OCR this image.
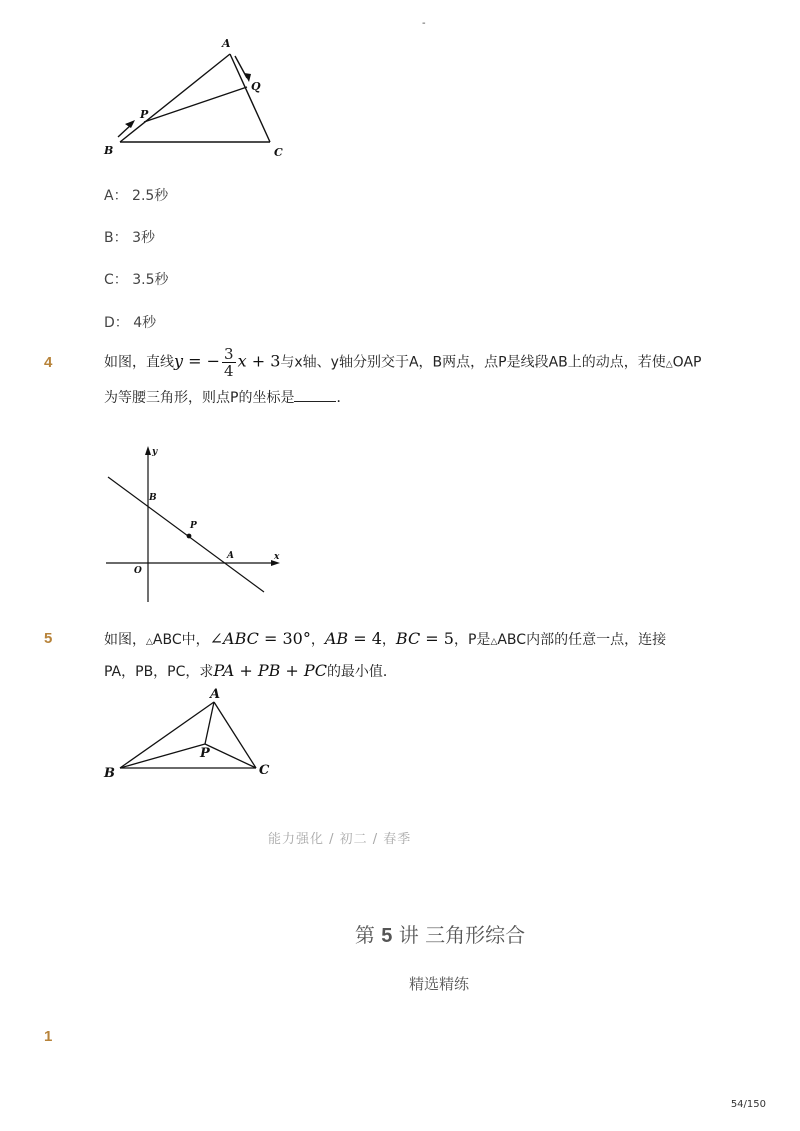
-
A
Q
P
B	C
A： 2.5秒
B： 3秒
C： 3.5秒
D： 4秒
4	如图，直线y = − $\frac{3}{4}$ x + 3与x轴、y轴分别交于A，B两点，点P是线段AB上的动点，若使△OAP
为等腰三角形，则点P的坐标是	．
y
x
B
P
A
O
5	如图，△ABC中，∠ABC = 30°，AB = 4，BC = 5，P是△ABC内部的任意一点，连接
PA，PB，PC，求PA + PB + PC的最小值．
A
P
B	C
能力强化 / 初二 / 春季
第 5 讲 三角形综合
精选精练
1
54/150
